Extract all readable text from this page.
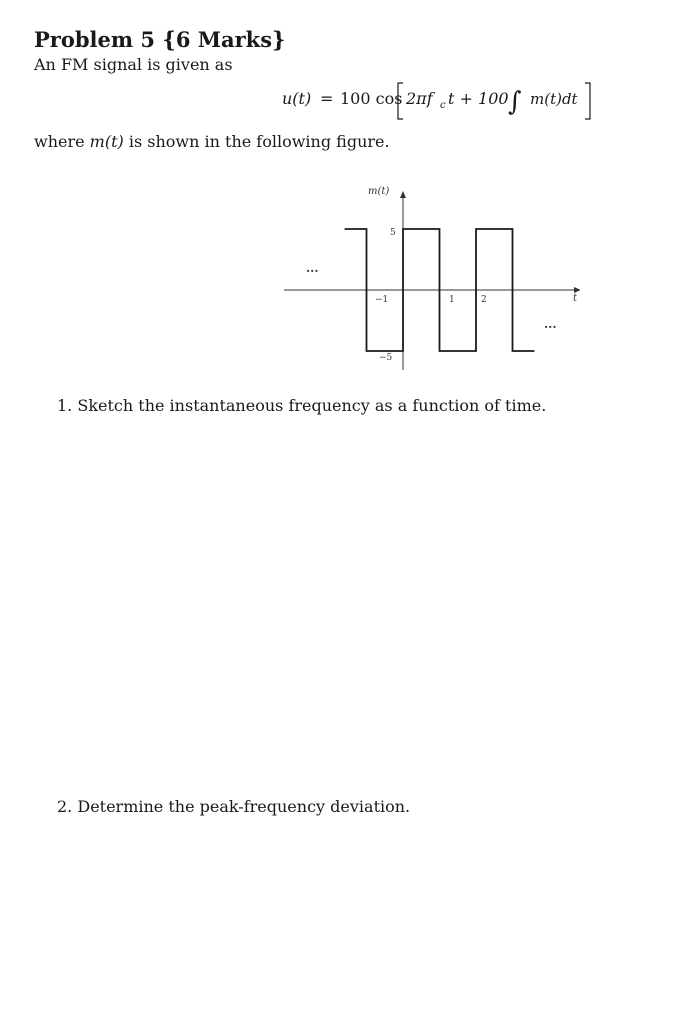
Problem 5 {6 Marks}
An FM signal is given as
u(t) = 100 cos 2πf c t + 100 ∫ m(t)dt
where m(t) is shown in the following figure.
m(t)
t
5
−5
−1	1	2
...
...
1. Sketch the instantaneous frequency as a function of time.
2. Determine the peak-frequency deviation.
